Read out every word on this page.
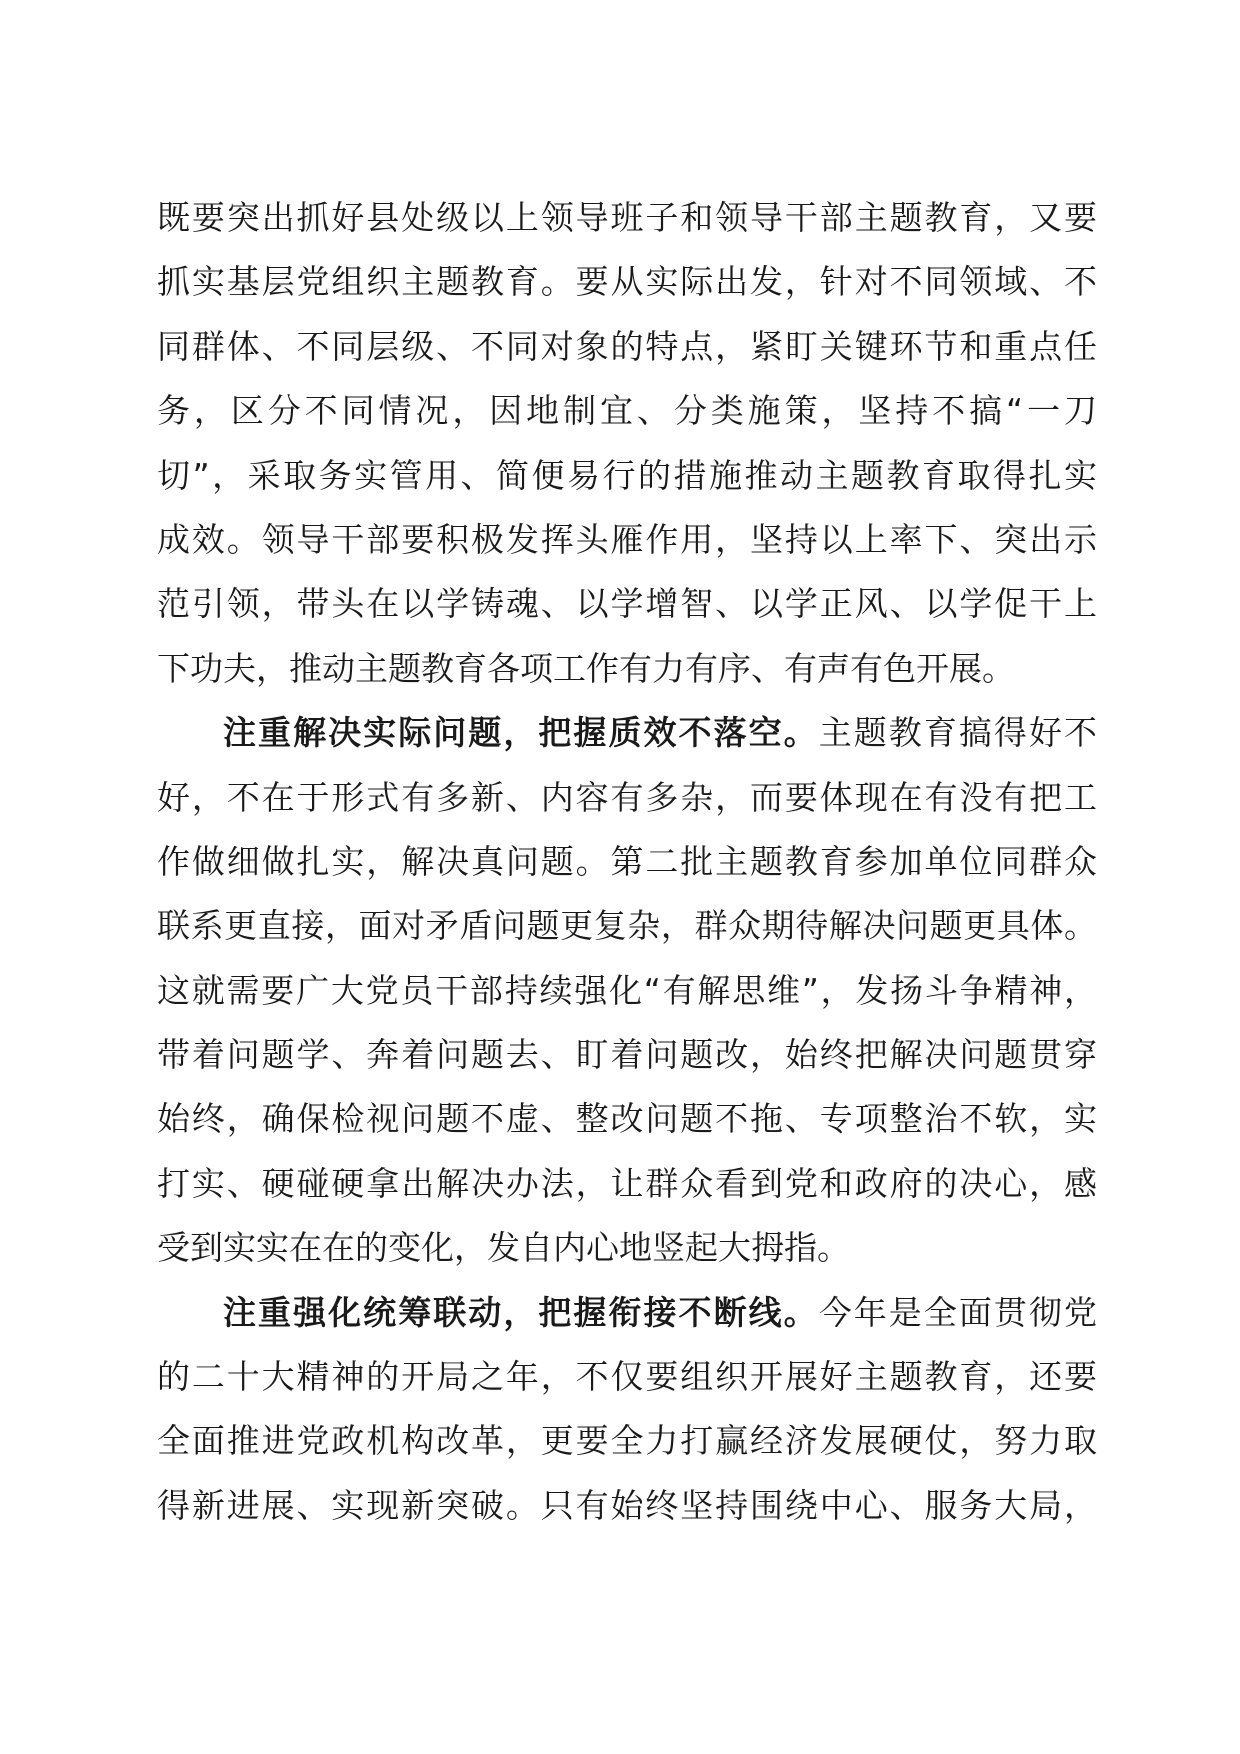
既要突出抓好县处级以上领导班子和领导干部主题教育，又要
抓实基层党组织主题教育。要从实际出发，针对不同领域、不
同群体、不同层级、不同对象的特点，紧盯关键环节和重点任
务，区分不同情况，因地制宜、分类施策，坚持不搞“一刀
切”，采取务实管用、简便易行的措施推动主题教育取得扎实
成效。领导干部要积极发挥头雁作用，坚持以上率下、突出示
范引领，带头在以学铸魂、以学增智、以学正风、以学促干上
下功夫，推动主题教育各项工作有力有序、有声有色开展。
注重解决实际问题，把握质效不落空。主题教育搞得好不
好，不在于形式有多新、内容有多杂，而要体现在有没有把工
作做细做扎实，解决真问题。第二批主题教育参加单位同群众
联系更直接，面对矛盾问题更复杂，群众期待解决问题更具体。
这就需要广大党员干部持续强化“有解思维”，发扬斗争精神，
带着问题学、奔着问题去、盯着问题改，始终把解决问题贯穿
始终，确保检视问题不虚、整改问题不拖、专项整治不软，实
打实、硬碰硬拿出解决办法，让群众看到党和政府的决心，感
受到实实在在的变化，发自内心地竖起大拇指。
注重强化统筹联动，把握衔接不断线。今年是全面贯彻党
的二十大精神的开局之年，不仅要组织开展好主题教育，还要
全面推进党政机构改革，更要全力打赢经济发展硬仗，努力取
得新进展、实现新突破。只有始终坚持围绕中心、服务大局，
